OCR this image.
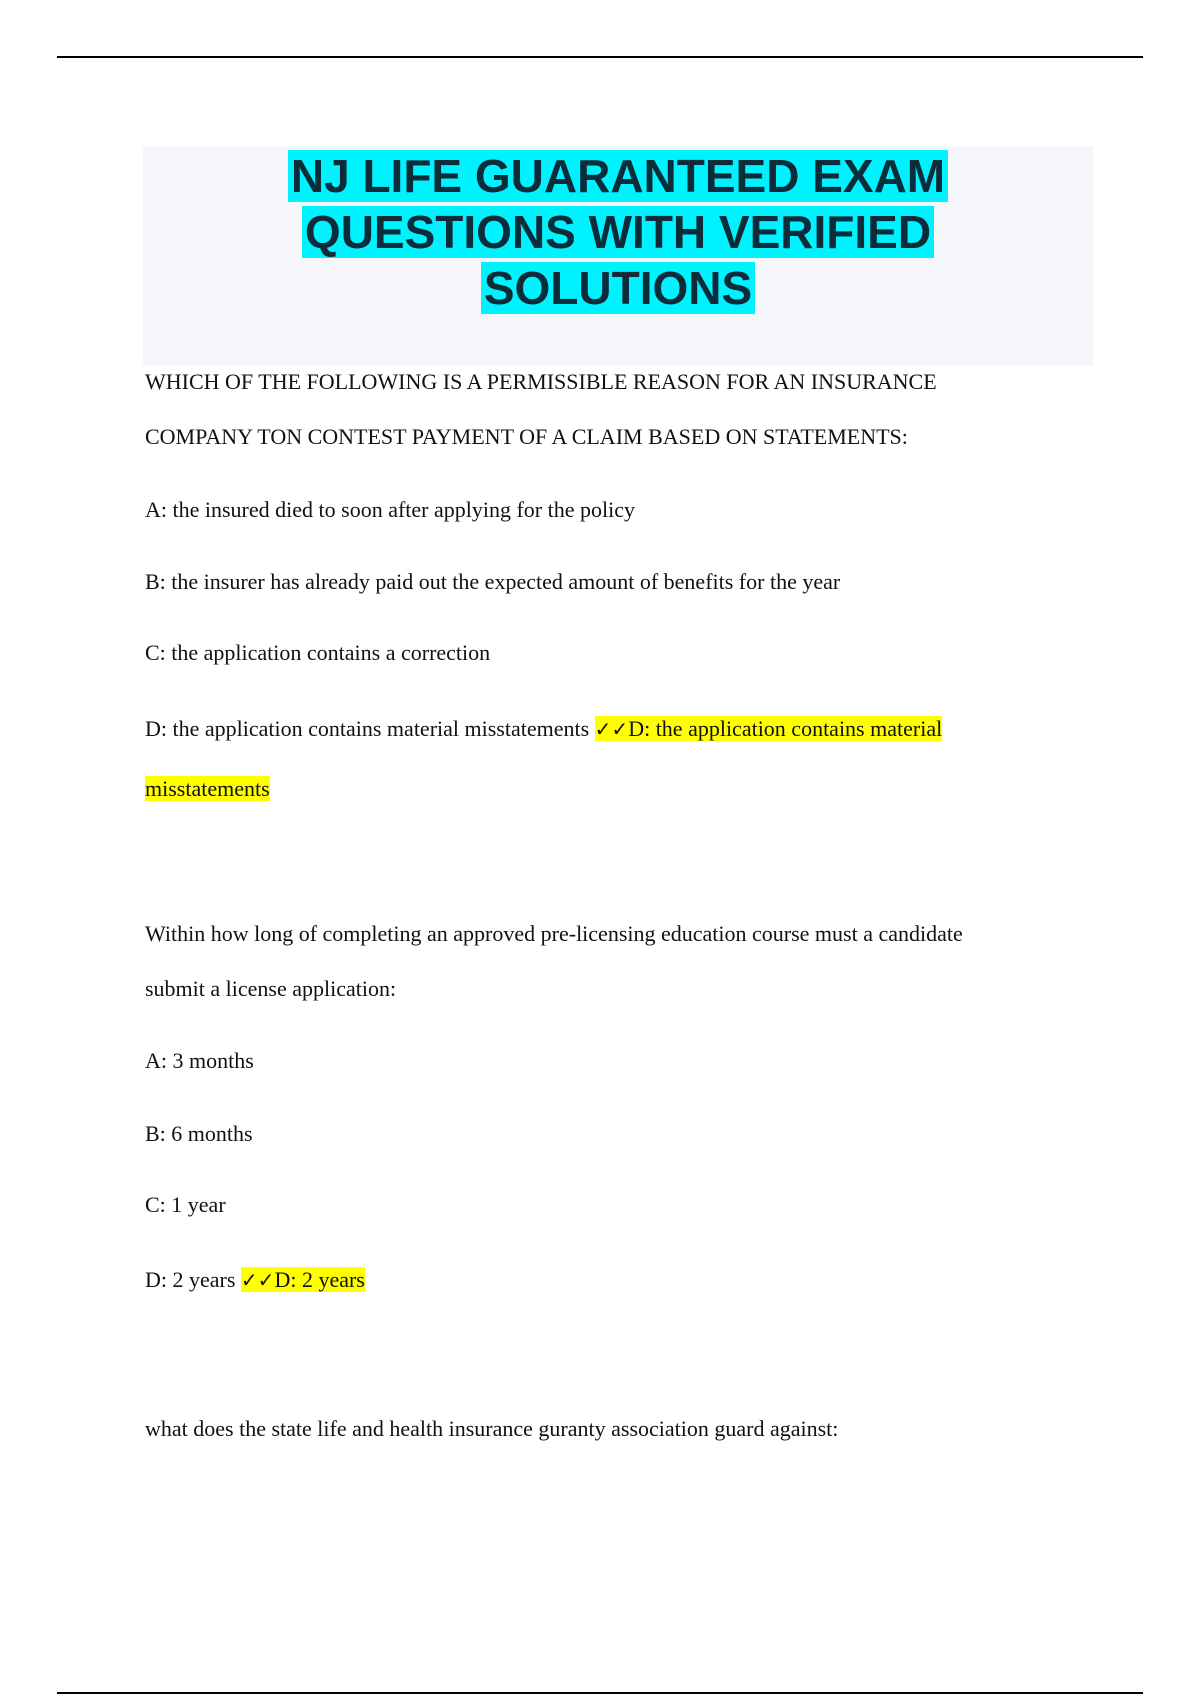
NJ LIFE GUARANTEED EXAM
QUESTIONS WITH VERIFIED
SOLUTIONS

WHICH OF THE FOLLOWING IS A PERMISSIBLE REASON FOR AN INSURANCE

COMPANY TON CONTEST PAYMENT OF A CLAIM BASED ON STATEMENTS:

A: the insured died to soon after applying for the policy

B: the insurer has already paid out the expected amount of benefits for the year

C: the application contains a correction

D: the application contains material misstatements ✓✓D: the application contains material

misstatements

Within how long of completing an approved pre-licensing education course must a candidate

submit a license application:

A: 3 months

B: 6 months

C: 1 year

D: 2 years ✓✓D: 2 years

what does the state life and health insurance guranty association guard against:
